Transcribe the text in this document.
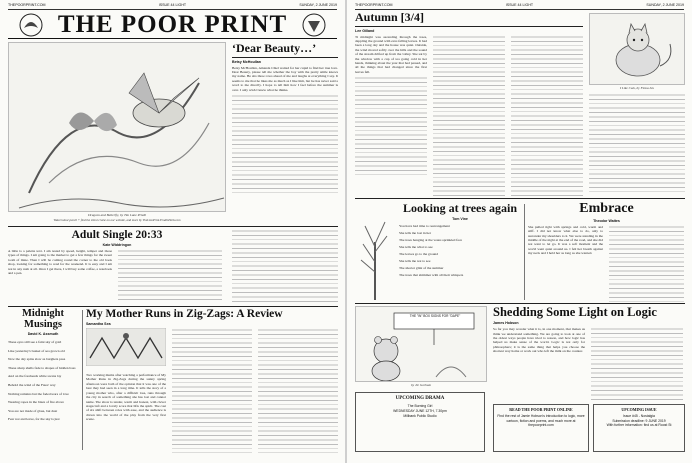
THEPOORPRINT.COM	ISSUE 44 LIGHT	SUNDAY, 2 JUNE 2019
THE POOR PRINT
Dragons and Butterfly, by Tim Lane Priedl
Watercolour pencil + find the silent cruise on our website, and more by TheLionPrint.EruditeWeb.com
‘Dear Beauty…’
Betsy McHoullan
Betsy McHoullan, Amanda Chiel waited for her cupid to find her true love. Dear Beauty, please tell me whether the boy with the pretty smile knows my name. He sits three rows ahead of me and laughs at everything I say. It seems to me that he likes me as much as I like him, but he has never said a word to me directly. I hope to tell him how I feel before the summer is over. I only wish I knew what he thinks.
Adult Single 20:33
Kate Widdringon
A little is a palette text. I am tested by speed, height, temper and those types of things. I am going to the market to get a few things for the sweet tooth of mine. Then I will be coming round the corner to the old book shop, looking for something to read for the weekend. It is easy and I am not in any rush at all. Once I get there, I will buy some coffee, a notebook and a pen.
Midnight Musings
David K. Assmuth
These eyes still see a faint sky of gold
Like yesterday's basket of sea grown old
Now the day spins slow as burghers pass
These sharp shells fade to shapes of hidden bass
And on the foreheads white swans lay
Behold the wind of the Fates' way
Nothing remains but the faded tears of love
Wearing ropes in the blaze of fire above
You are not made of glass, but dust
Fear not and leave, for the sky is just
My Mother Runs in Zig-Zags: A Review
Samantha Sea
Two working mums after watching a performance of My Mother Runs in Zig-Zags during the sunny spring afternoon were both of the opinion that it was one of the best they had seen in a long time. It tells the story of a young mother who, after a difficult loss, runs through the city in search of something she has lost and cannot name. The show is tender, warm and honest, with clever stagecraft and a lovely score that lifts the spirit. The cast of six shift between roles with ease, and the audience is drawn into the world of the play from the very first scene.
THEPOORPRINT.COM	ISSUE 44 LIGHT	SUNDAY, 2 JUNE 2019
Autumn [3/4]
Lee Gilland
Ti midnight was ascending through the trees, dappling the ground with ever-falling leaves. It had been a long day and the house was quiet. Outside, the wind moved softly over the hills and the sound of the stream drifted up from the valley. She sat by the window with a cup of tea going cold in her hands, thinking about the year that had passed, and all the things that had changed since the first leaves fell.
I Like Cats, by Fiona Liu
Looking at trees again
Tom Vine
You have had time to rearrangement
She tells me lost in her
The trees hanging at the water-sprinkled face
She tells me what to see
The leaves go to the ground
She tells me not to see
The shorter glint of the summer
The trees that shimmer with all their whispers
Embrace
Theodor Waites
She pulled tight with springs and cold, warm and stiff. I did not know what else to do, only to surrender my shoulders to it. We were standing in the middle of the night at the end of the road, and she did not want to let go. It was a soft moment and the world went quiet around us. I felt her breath against my neck and I held her as long as she wanted.
THE "IN" BOX SIGNS FOR "DAPE"
by Jie Gorham
Shedding Some Light on Logic
James Hobson
So far you may wonder what it is, in one moment, that makes us think we understand something. We are going to look at one of the oldest ways people have tried to reason, and how logic has helped us make sense of the world. Logic is not only for philosophers; it is the same thing that helps you choose the shortest way home or work out who left the milk on the counter.
UPCOMING DRAMA
The Burning Girl
WEDNESDAY JUNE 12TH, 7.30pm
Millbank Public Studio
READ THE POOR PRINT ONLINE
Find the rest of Jamie Hobson's introduction to logic, more cartoon, fiction and poems, and much more at thepoorprint.com
UPCOMING ISSUE
Issue #45 - Nostalgia
Submission deadline: 9 JUNE 2019
With further information: find us at Roost St
